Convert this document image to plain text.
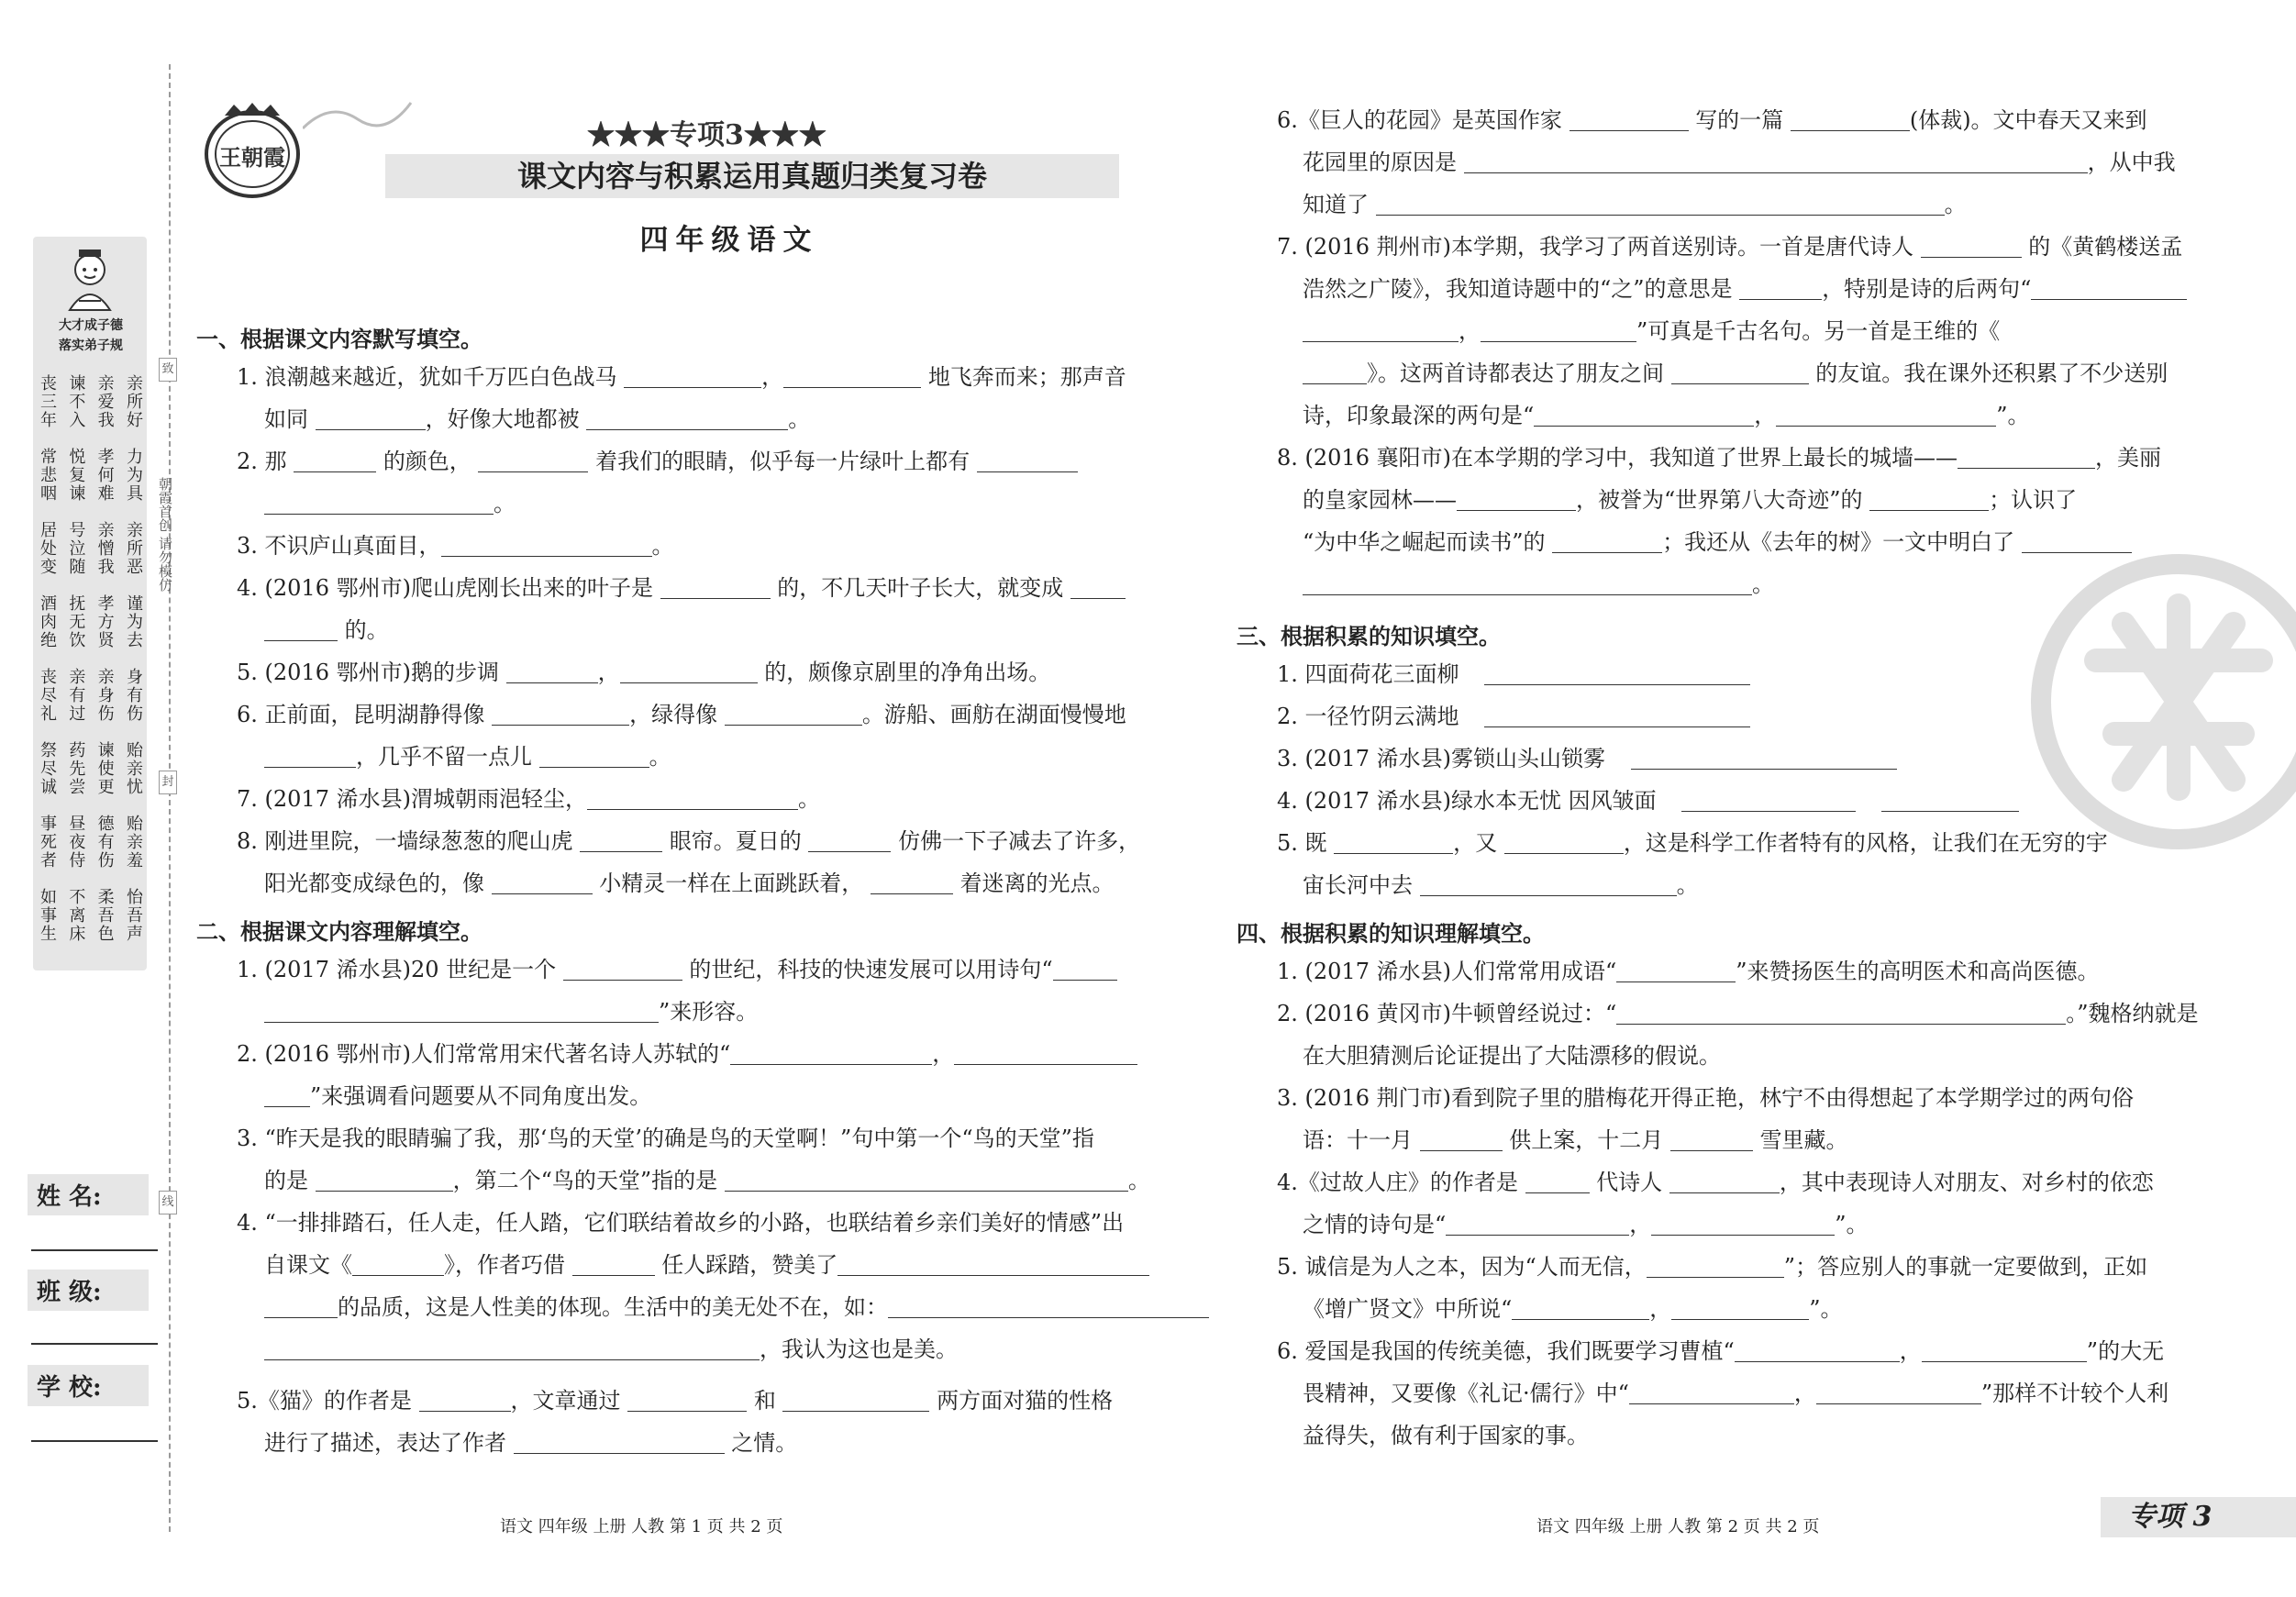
大才成子德
落实弟子规
丧三年 谏不入 亲爱我 亲所好
常悲咽 悦复谏 孝何难 力为具
居处变 号泣随 亲憎我 亲所恶
酒肉绝 抚无饮 孝方贤 谨为去
丧尽礼 亲有过 亲身伤 身有伤
祭尽诚 药先尝 谏使更 贻亲忧
事死者 昼夜侍 德有伤 贻亲羞
如事生 不离床 柔吾色 怡吾声
致
朝霞首创 请勿模仿
封
线
姓 名:
班 级:
学 校:
王朝霞
★★★专项3★★★
课文内容与积累运用真题归类复习卷
四年级语文
一、根据课文内容默写填空。
1. 浪潮越来越近，犹如千万匹白色战马	，	地飞奔而来；那声音
如同	，好像大地都被	。
2. 那	的颜色，	着我们的眼睛，似乎每一片绿叶上都有
。
3. 不识庐山真面目，	。
4. (2016 鄂州市)爬山虎刚长出来的叶子是	的，不几天叶子长大，就变成
的。
5. (2016 鄂州市)鹅的步调	，	的，颇像京剧里的净角出场。
6. 正前面，昆明湖静得像	，绿得像	。游船、画舫在湖面慢慢地
，几乎不留一点儿	。
7. (2017 浠水县)渭城朝雨浥轻尘，	。
8. 刚进里院，一墙绿葱葱的爬山虎	眼帘。夏日的	仿佛一下子减去了许多，
阳光都变成绿色的，像	小精灵一样在上面跳跃着，	着迷离的光点。
二、根据课文内容理解填空。
1. (2017 浠水县)20 世纪是一个	的世纪，科技的快速发展可以用诗句“
”来形容。
2. (2016 鄂州市)人们常常用宋代著名诗人苏轼的“	，
”来强调看问题要从不同角度出发。
3. “昨天是我的眼睛骗了我，那‘鸟的天堂’的确是鸟的天堂啊！”句中第一个“鸟的天堂”指
的是	，第二个“鸟的天堂”指的是	。
4. “一排排踏石，任人走，任人踏，它们联结着故乡的小路，也联结着乡亲们美好的情感”出
自课文《	》，作者巧借	任人踩踏，赞美了
的品质，这是人性美的体现。生活中的美无处不在，如：
，我认为这也是美。
5.《猫》的作者是	，文章通过	和	两方面对猫的性格
进行了描述，表达了作者	之情。
语文 四年级 上册 人教 第 1 页 共 2 页
6.《巨人的花园》是英国作家	写的一篇	(体裁)。文中春天又来到
花园里的原因是	，从中我
知道了	。
7. (2016 荆州市)本学期，我学习了两首送别诗。一首是唐代诗人	的《黄鹤楼送孟
浩然之广陵》，我知道诗题中的“之”的意思是	，特别是诗的后两句“
，	”可真是千古名句。另一首是王维的《
》。这两首诗都表达了朋友之间	的友谊。我在课外还积累了不少送别
诗，印象最深的两句是“	，	”。
8. (2016 襄阳市)在本学期的学习中，我知道了世界上最长的城墙——	，美丽
的皇家园林——	，被誉为“世界第八大奇迹”的	；认识了
“为中华之崛起而读书”的	；我还从《去年的树》一文中明白了
。
三、根据积累的知识填空。
1. 四面荷花三面柳
2. 一径竹阴云满地
3. (2017 浠水县)雾锁山头山锁雾
4. (2017 浠水县)绿水本无忧 因风皱面
5. 既	，又	，这是科学工作者特有的风格，让我们在无穷的宇
宙长河中去	。
四、根据积累的知识理解填空。
1. (2017 浠水县)人们常常用成语“	”来赞扬医生的高明医术和高尚医德。
2. (2016 黄冈市)牛顿曾经说过：“	。”魏格纳就是
在大胆猜测后论证提出了大陆漂移的假说。
3. (2016 荆门市)看到院子里的腊梅花开得正艳，林宁不由得想起了本学期学过的两句俗
语：十一月	供上案，十二月	雪里藏。
4.《过故人庄》的作者是	代诗人	，其中表现诗人对朋友、对乡村的依恋
之情的诗句是“	，	”。
5. 诚信是为人之本，因为“人而无信，	”；答应别人的事就一定要做到，正如
《增广贤文》中所说“	，	”。
6. 爱国是我国的传统美德，我们既要学习曹植“	，	”的大无
畏精神，又要像《礼记·儒行》中“	，	”那样不计较个人利
益得失，做有利于国家的事。
语文 四年级 上册 人教 第 2 页 共 2 页	专项 3
